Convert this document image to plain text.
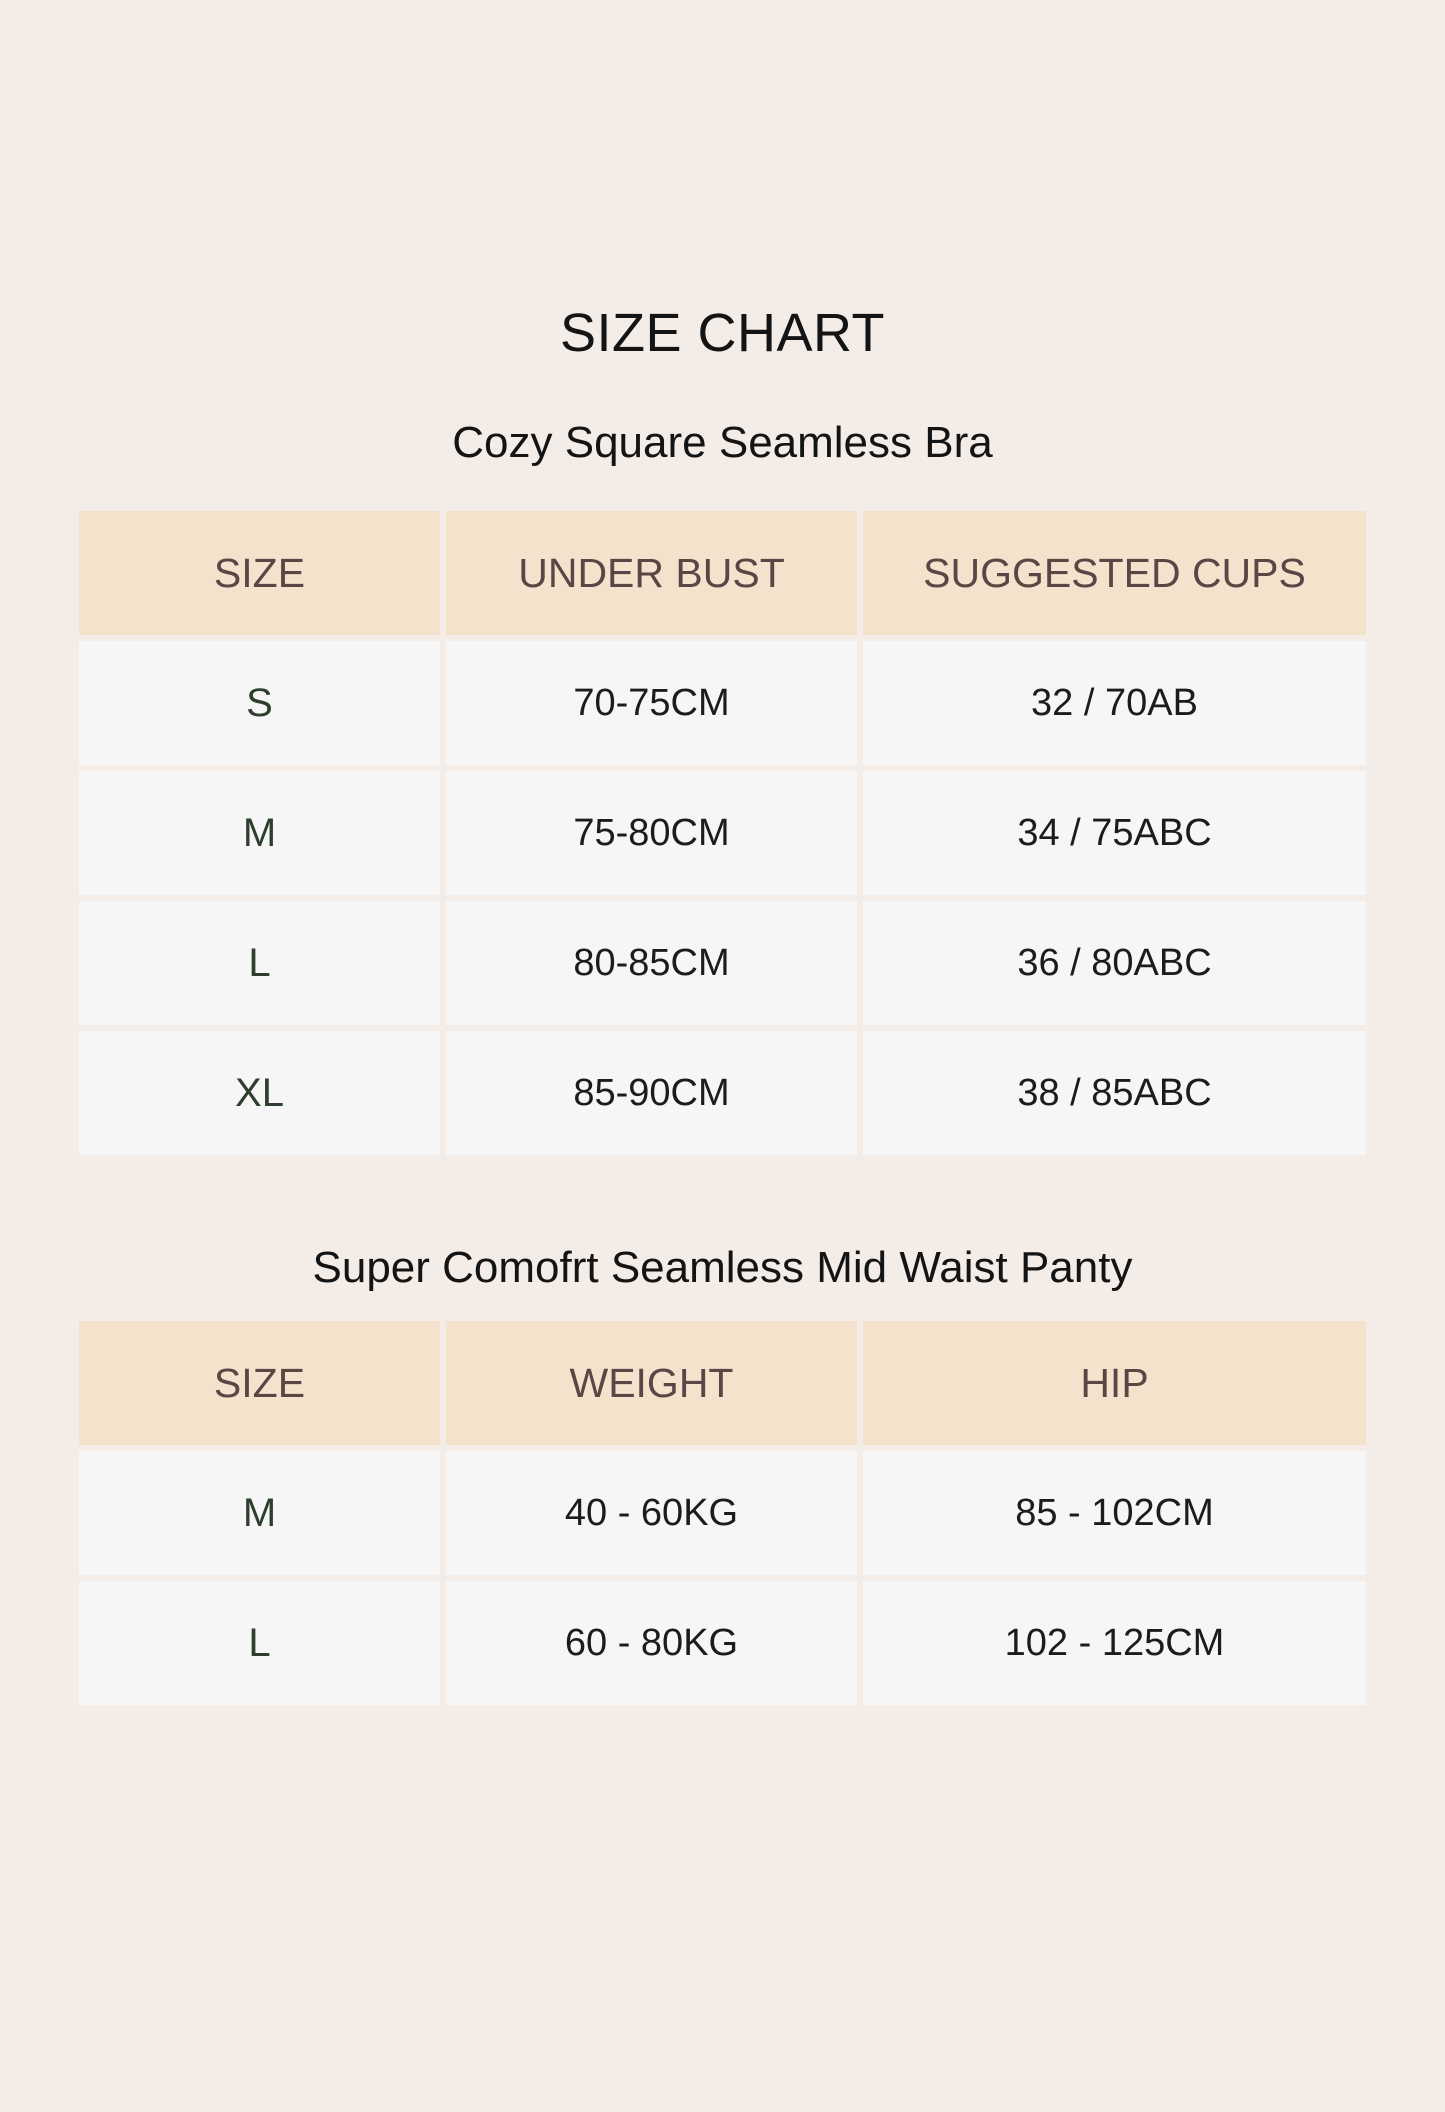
SIZE CHART
Cozy Square Seamless Bra
SIZE	UNDER BUST	SUGGESTED CUPS
S	70-75CM	32 / 70AB
M	75-80CM	34 / 75ABC
L	80-85CM	36 / 80ABC
XL	85-90CM	38 / 85ABC
Super Comofrt Seamless Mid Waist Panty
SIZE	WEIGHT	HIP
M	40 - 60KG	85 - 102CM
L	60 - 80KG	102 - 125CM
